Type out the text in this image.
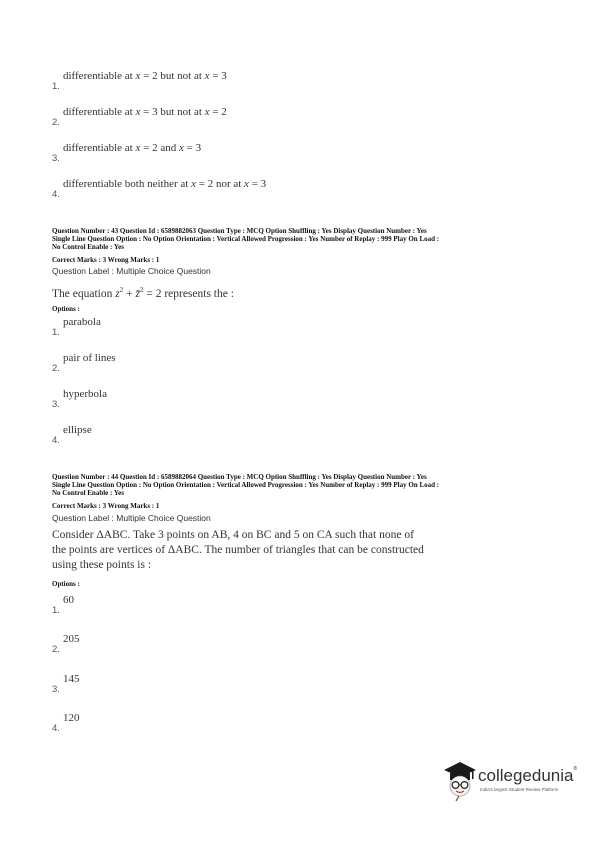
1.
differentiable at x = 2 but not at x = 3
2.
differentiable at x = 3 but not at x = 2
3.
differentiable at x = 2 and x = 3
4.
differentiable both neither at x = 2 nor at x = 3
Question Number : 43 Question Id : 6589882063 Question Type : MCQ Option Shuffling : Yes Display Question Number : Yes
Single Line Question Option : No Option Orientation : Vertical Allowed Progression : Yes Number of Replay : 999 Play On Load :
No Control Enable : Yes
Correct Marks : 3 Wrong Marks : 1
Question Label : Multiple Choice Question
The equation $z^2$ + z̄$^2$ = 2 represents the :
Options :
1.
parabola
2.
pair of lines
3.
hyperbola
4.
ellipse
Question Number : 44 Question Id : 6589882064 Question Type : MCQ Option Shuffling : Yes Display Question Number : Yes
Single Line Question Option : No Option Orientation : Vertical Allowed Progression : Yes Number of Replay : 999 Play On Load :
No Control Enable : Yes
Correct Marks : 3 Wrong Marks : 1
Question Label : Multiple Choice Question
Consider ΔABC. Take 3 points on AB, 4 on BC and 5 on CA such that none of
the points are vertices of ΔABC. The number of triangles that can be constructed
using these points is :
Options :
1.
60
2.
205
3.
145
4.
120
collegedunia®
India's largest Student Review Platform
